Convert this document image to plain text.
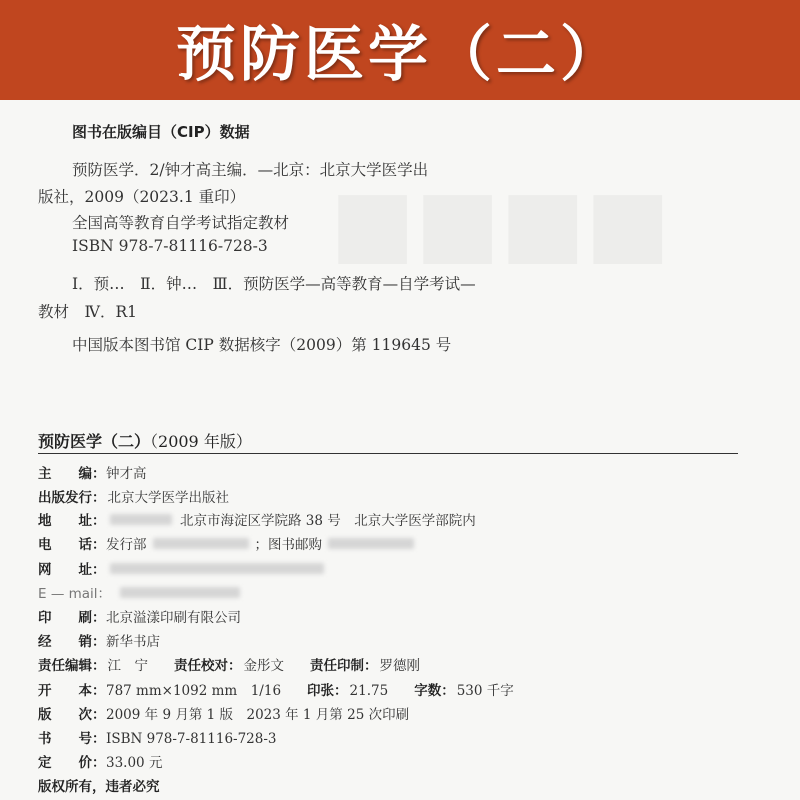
预防医学（二）
■■■■
图书在版编目（CIP）数据
预防医学．2/钟才高主编．—北京：北京大学医学出
版社，2009（2023.1 重印）
全国高等教育自学考试指定教材
ISBN 978-7-81116-728-3
Ⅰ．预…　Ⅱ．钟…　Ⅲ．预防医学—高等教育—自学考试—
教材　Ⅳ．R1
中国版本图书馆 CIP 数据核字（2009）第 119645 号
预防医学（二）（2009 年版）
主　　编： 钟才高
出版发行： 北京大学医学出版社
地　　址：	北京市海淀区学院路 38 号　北京大学医学部院内
电　　话： 发行部	；图书邮购
网　　址：
E — mail：
印　　刷： 北京溢漾印刷有限公司
经　　销： 新华书店
责任编辑： 江　宁 责任校对： 金彤文 责任印制： 罗德刚
开　　本： 787 mm×1092 mm　1/16 印张： 21.75 字数： 530 千字
版　　次： 2009 年 9 月第 1 版　2023 年 1 月第 25 次印刷
书　　号： ISBN 978-7-81116-728-3
定　　价： 33.00 元
版权所有，违者必究
